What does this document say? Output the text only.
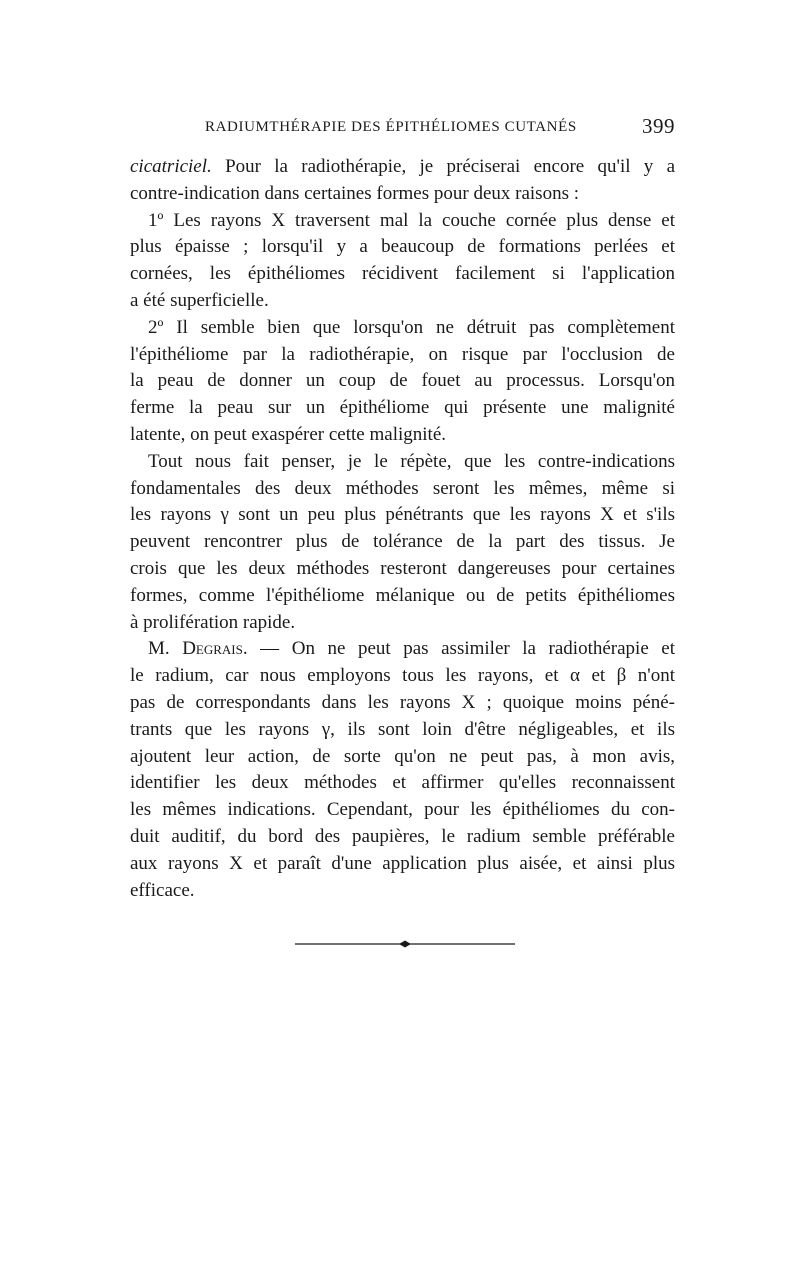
RADIUMTHÉRAPIE DES ÉPITHÉLIOMES CUTANÉS	399
cicatriciel. Pour la radiothérapie, je préciserai encore qu'il y a
contre-indication dans certaines formes pour deux raisons :
1º Les rayons X traversent mal la couche cornée plus dense et
plus épaisse ; lorsqu'il y a beaucoup de formations perlées et
cornées, les épithéliomes récidivent facilement si l'application
a été superficielle.
2º Il semble bien que lorsqu'on ne détruit pas complètement
l'épithéliome par la radiothérapie, on risque par l'occlusion de
la peau de donner un coup de fouet au processus. Lorsqu'on
ferme la peau sur un épithéliome qui présente une malignité
latente, on peut exaspérer cette malignité.
Tout nous fait penser, je le répète, que les contre-indications
fondamentales des deux méthodes seront les mêmes, même si
les rayons γ sont un peu plus pénétrants que les rayons X et s'ils
peuvent rencontrer plus de tolérance de la part des tissus. Je
crois que les deux méthodes resteront dangereuses pour certaines
formes, comme l'épithéliome mélanique ou de petits épithéliomes
à prolifération rapide.
M. Degrais. — On ne peut pas assimiler la radiothérapie et
le radium, car nous employons tous les rayons, et α et β n'ont
pas de correspondants dans les rayons X ; quoique moins péné-
trants que les rayons γ, ils sont loin d'être négligeables, et ils
ajoutent leur action, de sorte qu'on ne peut pas, à mon avis,
identifier les deux méthodes et affirmer qu'elles reconnaissent
les mêmes indications. Cependant, pour les épithéliomes du con-
duit auditif, du bord des paupières, le radium semble préférable
aux rayons X et paraît d'une application plus aisée, et ainsi plus
efficace.
